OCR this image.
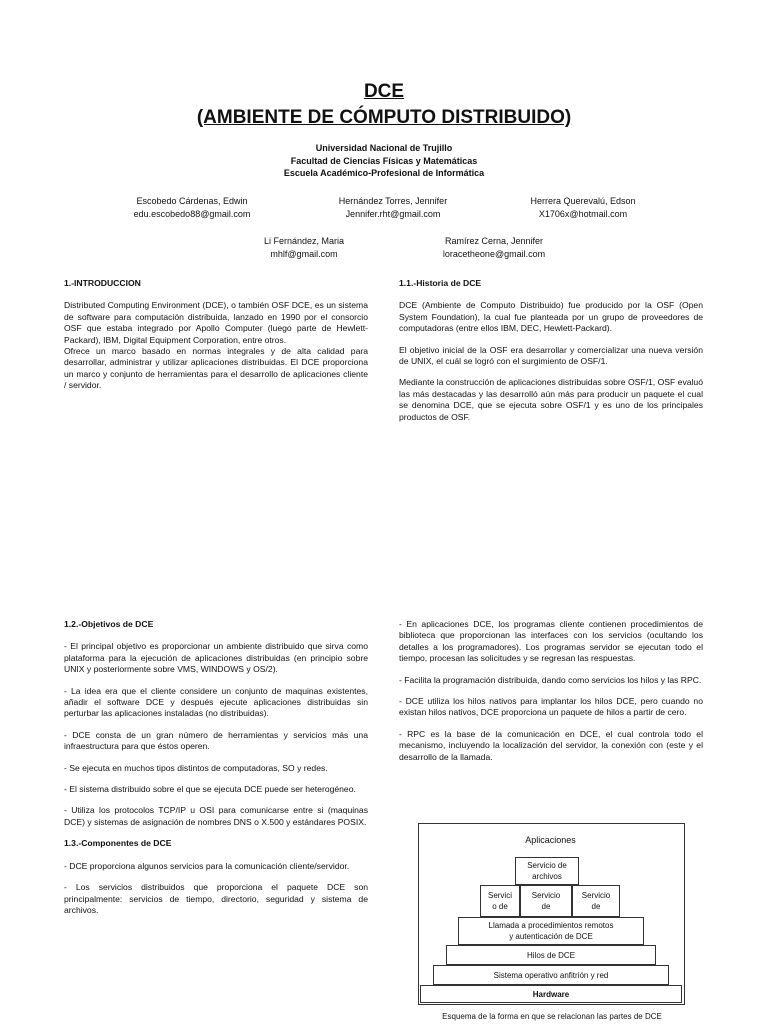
DCE
(AMBIENTE DE CÓMPUTO DISTRIBUIDO)
Universidad Nacional de Trujillo
Facultad de Ciencias Físicas y Matemáticas
Escuela Académico-Profesional de Informática
Escobedo Cárdenas, Edwin
edu.escobedo88@gmail.com
Hernández Torres, Jennifer
Jennifer.rht@gmail.com
Herrera Querevalú, Edson
X1706x@hotmail.com
Li Fernández, Maria
mhlf@gmail.com
Ramírez Cerna, Jennifer
loracetheone@gmail.com

1.-INTRODUCCION

Distributed Computing Environment (DCE), o también OSF DCE, es un sistema de software para computación distribuida, lanzado en 1990 por el consorcio OSF que estaba integrado por Apollo Computer (luego parte de Hewlett-Packard), IBM, Digital Equipment Corporation, entre otros.

Ofrece un marco basado en normas integrales y de alta calidad para desarrollar, administrar y utilizar aplicaciones distribuidas. El DCE proporciona un marco y conjunto de herramientas para el desarrollo de aplicaciones cliente / servidor.

1.1.-Historia de DCE

DCE (Ambiente de Computo Distribuido) fue producido por la OSF (Open System Foundation), la cual fue planteada por un grupo de proveedores de computadoras (entre ellos IBM, DEC, Hewlett-Packard).

El objetivo inicial de la OSF era desarrollar y comercializar una nueva versión de UNIX, el cuál se logró con el surgimiento de OSF/1.

Mediante la construcción de aplicaciones distribuidas sobre OSF/1, OSF evaluó las más destacadas y las desarrolló aún más para producir un paquete el cual se denomina DCE, que se ejecuta sobre OSF/1 y es uno de los principales productos de OSF.

1.2.-Objetivos de DCE

- El principal objetivo es proporcionar un ambiente distribuido que sirva como plataforma para la ejecución de aplicaciones distribuidas (en principio sobre UNIX y posteriormente sobre VMS, WINDOWS y OS/2).

- La idea era que el cliente considere un conjunto de maquinas existentes, añadir el software DCE y después ejecute aplicaciones distribuidas sin perturbar las aplicaciones instaladas (no distribuidas).

- DCE consta de un gran número de herramientas y servicios más una infraestructura para que éstos operen.

- Se ejecuta en muchos tipos distintos de computadoras, SO y redes.

- El sistema distribuido sobre el que se ejecuta DCE puede ser heterogéneo.

- Utiliza los protocolos TCP/IP u OSI para comunicarse entre si (maquinas DCE) y sistemas de asignación de nombres DNS o X.500 y estándares POSIX.

1.3.-Componentes de DCE

- DCE proporciona algunos servicios para la comunicación cliente/servidor.

- Los servicios distribuidos que proporciona el paquete DCE son principalmente: servicios de tiempo, directorio, seguridad y sistema de archivos.

- En aplicaciones DCE, los programas cliente contienen procedimientos de biblioteca que proporcionan las interfaces con los servicios (ocultando los detalles a los programadores). Los programas servidor se ejecutan todo el tiempo, procesan las solicitudes y se regresan las respuestas.

- Facilita la programación distribuida, dando como servicios los hilos y las RPC.

- DCE utiliza los hilos nativos para implantar los hilos DCE, pero cuando no existan hilos nativos, DCE proporciona un paquete de hilos a partir de cero.

- RPC es la base de la comunicación en DCE, el cual controla todo el mecanismo, incluyendo la localización del servidor, la conexión con (este y el desarrollo de la llamada.

Aplicaciones
Servicio de
archivos
Servici
o de
Servicio
de
Servicio
de
Llamada a procedimientos remotos
y autenticación de DCE
Hilos de DCE
Sistema operativo anfitrión y red
Hardware
Esquema de la forma en que se relacionan las partes de DCE
